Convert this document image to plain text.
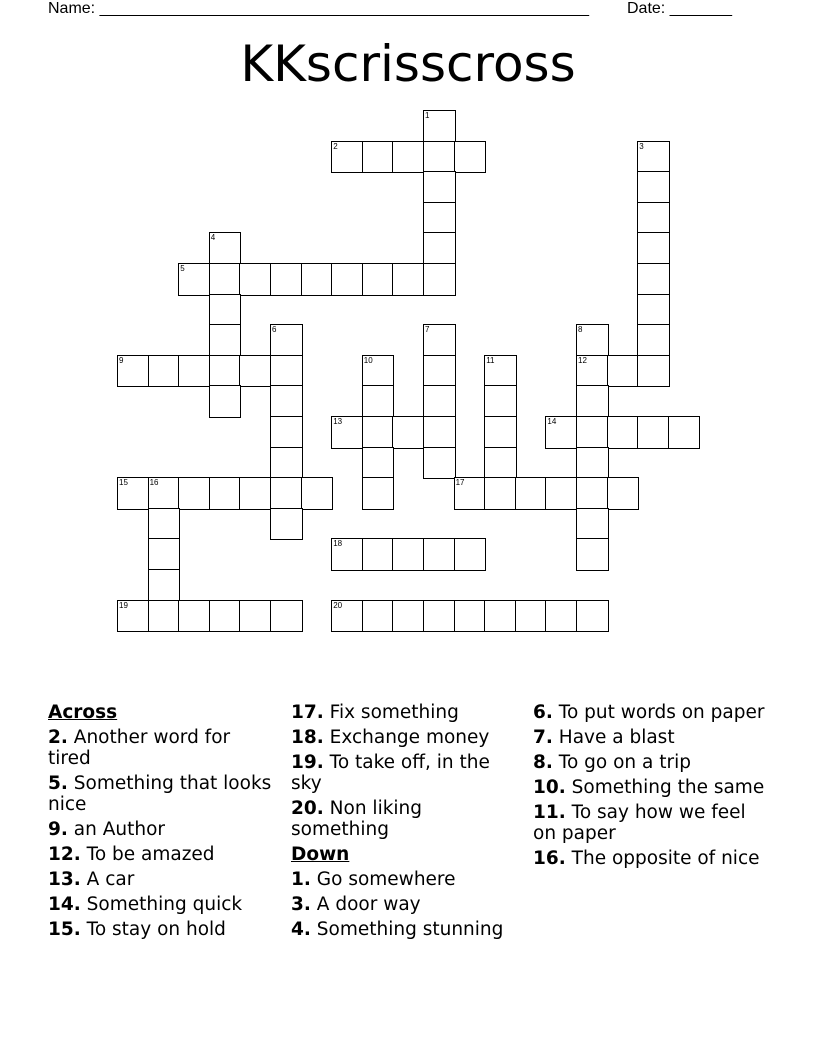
Name: _______________________________________________________ Date: _______
KKscrisscross
1
2	3
4
5
6	7	8
9	10	11	12
13	14
15	16	17
18
19	20
Across
2. Another word for tired
5. Something that looks nice
9. an Author
12. To be amazed
13. A car
14. Something quick
15. To stay on hold
17. Fix something
18. Exchange money
19. To take off, in the sky
20. Non liking something
Down
1. Go somewhere
3. A door way
4. Something stunning
6. To put words on paper
7. Have a blast
8. To go on a trip
10. Something the same
11. To say how we feel on paper
16. The opposite of nice
